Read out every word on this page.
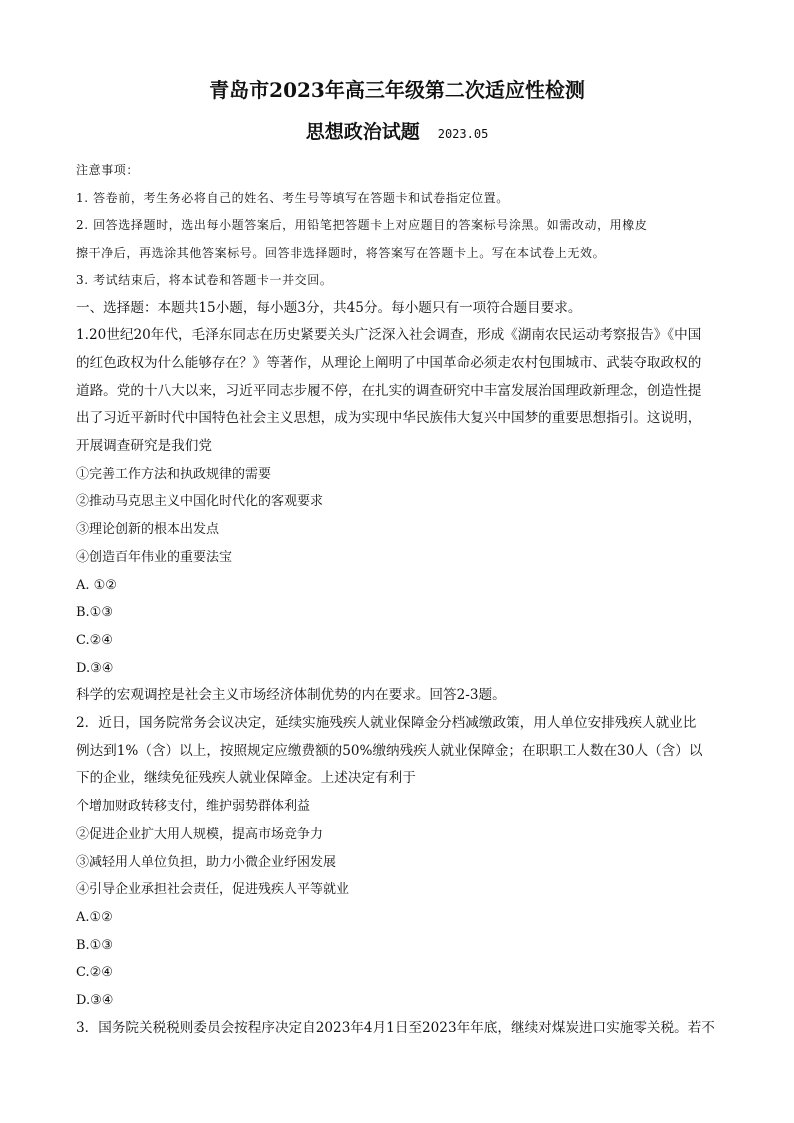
青岛市2023年高三年级第二次适应性检测
思想政治试题 2023.05
注意事项：
1. 答卷前，考生务必将自己的姓名、考生号等填写在答题卡和试卷指定位置。
2. 回答选择题时，选出每小题答案后，用铅笔把答题卡上对应题目的答案标号涂黑。如需改动，用橡皮
擦干净后，再选涂其他答案标号。回答非选择题时，将答案写在答题卡上。写在本试卷上无效。
3. 考试结束后，将本试卷和答题卡一并交回。
一、选择题：本题共15小题，每小题3分，共45分。每小题只有一项符合题目要求。
1.20世纪20年代，毛泽东同志在历史紧要关头广泛深入社会调查，形成《湖南农民运动考察报告》《中国
的红色政权为什么能够存在？》等著作，从理论上阐明了中国革命必须走农村包围城市、武装夺取政权的
道路。党的十八大以来，习近平同志步履不停，在扎实的调查研究中丰富发展治国理政新理念，创造性提
出了习近平新时代中国特色社会主义思想，成为实现中华民族伟大复兴中国梦的重要思想指引。这说明，
开展调查研究是我们党
①完善工作方法和执政规律的需要
②推动马克思主义中国化时代化的客观要求
③理论创新的根本出发点
④创造百年伟业的重要法宝
A. ①②
B.①③
C.②④
D.③④
科学的宏观调控是社会主义市场经济体制优势的内在要求。回答2-3题。
2．近日，国务院常务会议决定，延续实施残疾人就业保障金分档减缴政策，用人单位安排残疾人就业比
例达到1%（含）以上，按照规定应缴费额的50%缴纳残疾人就业保障金；在职职工人数在30人（含）以
下的企业，继续免征残疾人就业保障金。上述决定有利于
个增加财政转移支付，维护弱势群体利益
②促进企业扩大用人规模，提高市场竞争力
③减轻用人单位负担，助力小微企业纾困发展
④引导企业承担社会责任，促进残疾人平等就业
A.①②
B.①③
C.②④
D.③④
3．国务院关税税则委员会按程序决定自2023年4月1日至2023年年底，继续对煤炭进口实施零关税。若不
